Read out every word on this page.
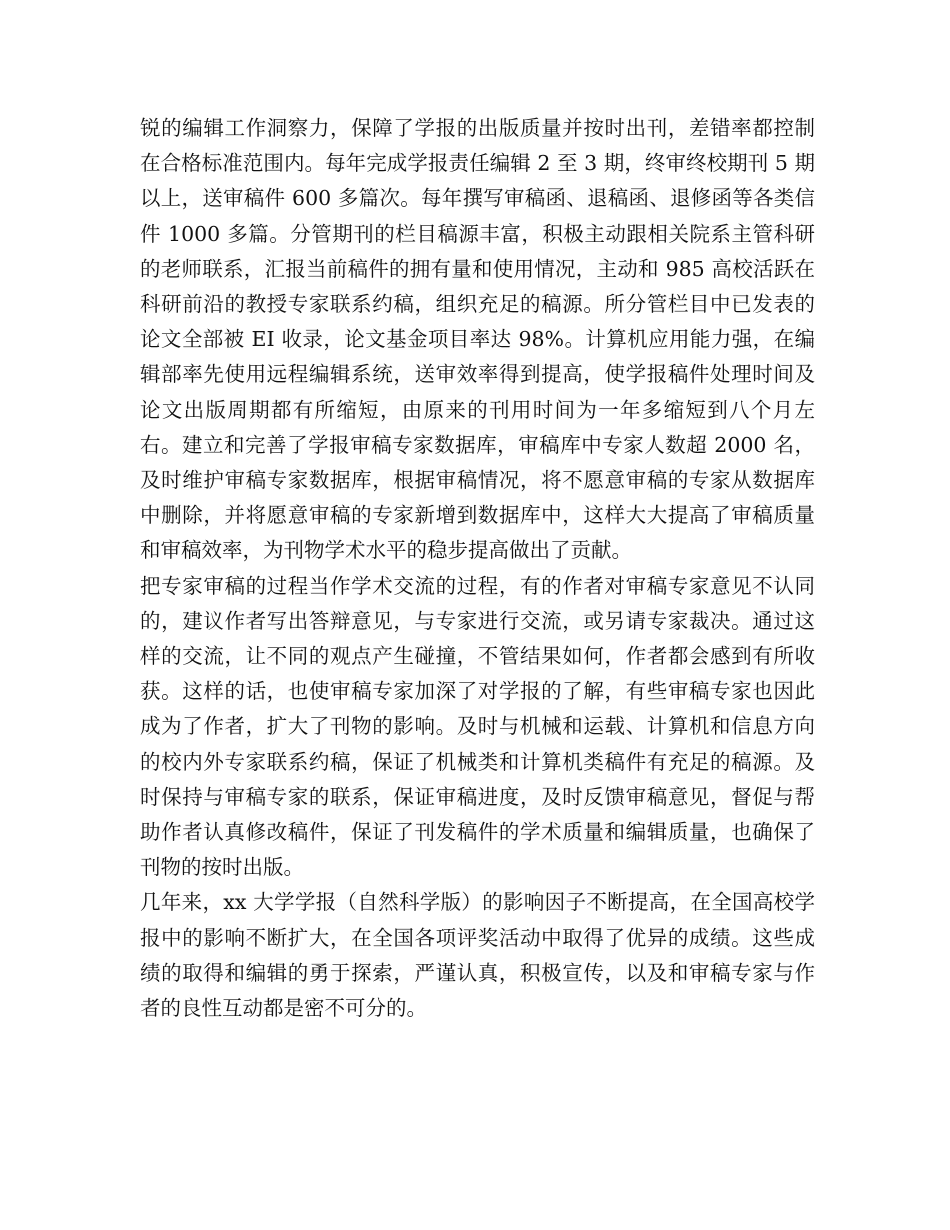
锐的编辑工作洞察力，保障了学报的出版质量并按时出刊，差错率都控制在合格标准范围内。每年完成学报责任编辑 2 至 3 期，终审终校期刊 5 期以上，送审稿件 600 多篇次。每年撰写审稿函、退稿函、退修函等各类信件 1000 多篇。分管期刊的栏目稿源丰富，积极主动跟相关院系主管科研的老师联系，汇报当前稿件的拥有量和使用情况，主动和 985 高校活跃在科研前沿的教授专家联系约稿，组织充足的稿源。所分管栏目中已发表的论文全部被 EI 收录，论文基金项目率达 98%。计算机应用能力强，在编辑部率先使用远程编辑系统，送审效率得到提高，使学报稿件处理时间及论文出版周期都有所缩短，由原来的刊用时间为一年多缩短到八个月左右。建立和完善了学报审稿专家数据库，审稿库中专家人数超 2000 名，及时维护审稿专家数据库，根据审稿情况，将不愿意审稿的专家从数据库中删除，并将愿意审稿的专家新增到数据库中，这样大大提高了审稿质量和审稿效率，为刊物学术水平的稳步提高做出了贡献。

把专家审稿的过程当作学术交流的过程，有的作者对审稿专家意见不认同的，建议作者写出答辩意见，与专家进行交流，或另请专家裁决。通过这样的交流，让不同的观点产生碰撞，不管结果如何，作者都会感到有所收获。这样的话，也使审稿专家加深了对学报的了解，有些审稿专家也因此成为了作者，扩大了刊物的影响。及时与机械和运载、计算机和信息方向的校内外专家联系约稿，保证了机械类和计算机类稿件有充足的稿源。及时保持与审稿专家的联系，保证审稿进度，及时反馈审稿意见，督促与帮助作者认真修改稿件，保证了刊发稿件的学术质量和编辑质量，也确保了刊物的按时出版。

几年来，xx 大学学报（自然科学版）的影响因子不断提高，在全国高校学报中的影响不断扩大，在全国各项评奖活动中取得了优异的成绩。这些成绩的取得和编辑的勇于探索，严谨认真，积极宣传，以及和审稿专家与作者的良性互动都是密不可分的。
